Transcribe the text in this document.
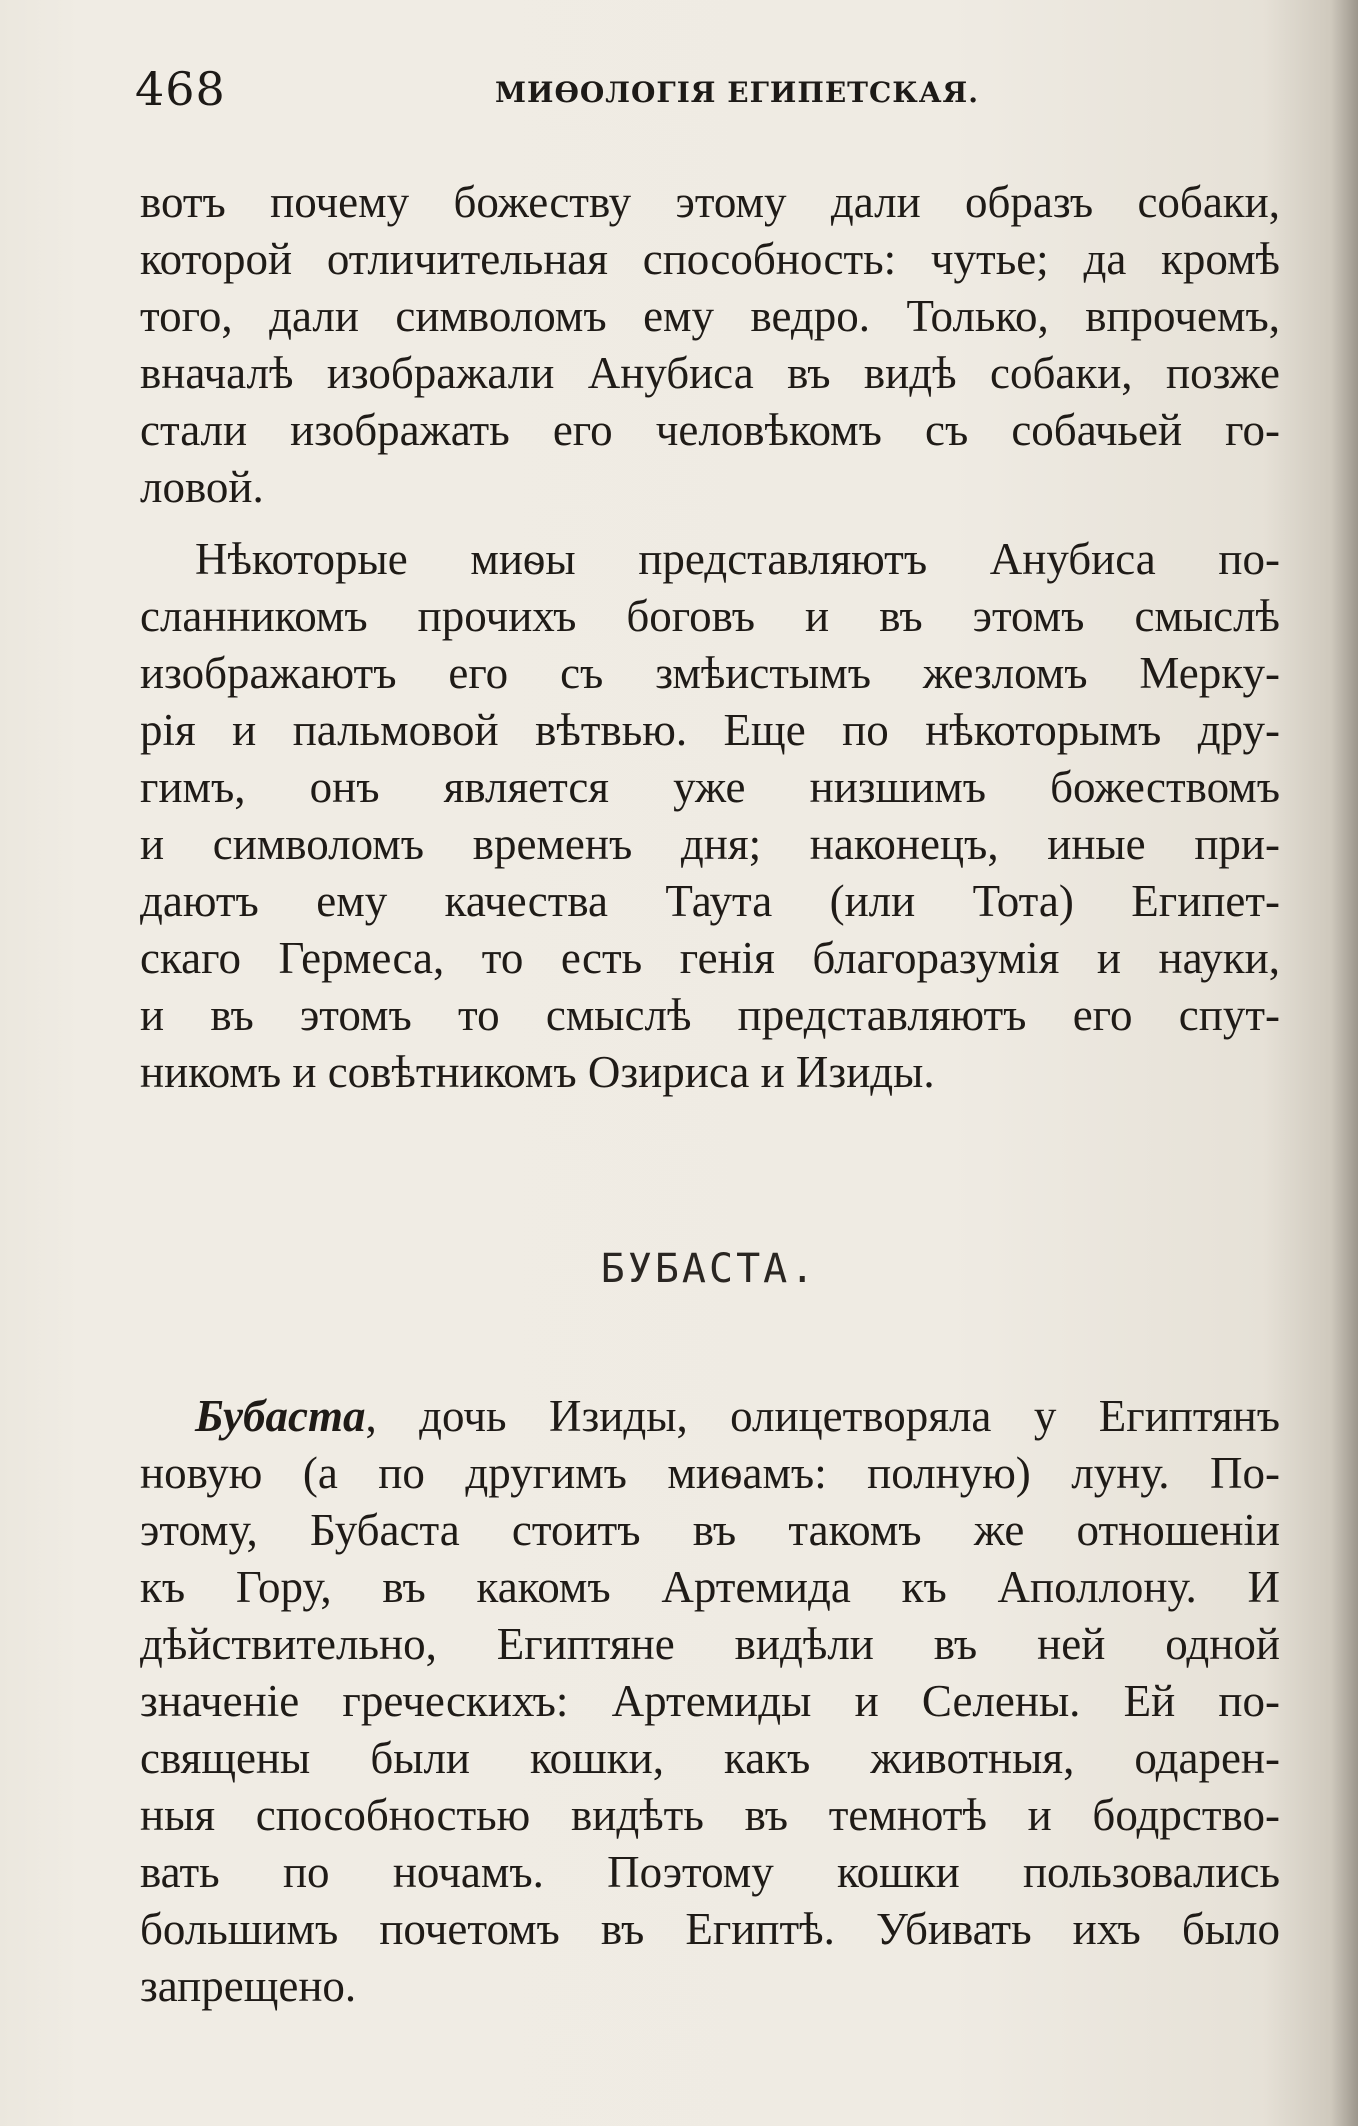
468	МИѲОЛОГІЯ ЕГИПЕТСКАЯ.
вотъ почему божеству этому дали образъ собаки,
которой отличительная способность: чутье; да кромѣ
того, дали символомъ ему ведро. Только, впрочемъ,
вначалѣ изображали Анубиса въ видѣ собаки, позже
стали изображать его человѣкомъ съ собачьей го-
ловой.
Нѣкоторые миѳы представляютъ Анубиса по-
сланникомъ прочихъ боговъ и въ этомъ смыслѣ
изображаютъ его съ змѣистымъ жезломъ Мерку-
рія и пальмовой вѣтвью. Еще по нѣкоторымъ дру-
гимъ, онъ является уже низшимъ божествомъ
и символомъ временъ дня; наконецъ, иные при-
даютъ ему качества Таута (или Тота) Египет-
скаго Гермеса, то есть генія благоразумія и науки,
и въ этомъ то смыслѣ представляютъ его спут-
никомъ и совѣтникомъ Озириса и Изиды.
БУБАСТА.
Бубаста, дочь Изиды, олицетворяла у Египтянъ
новую (а по другимъ миѳамъ: полную) луну. По-
этому, Бубаста стоитъ въ такомъ же отношеніи
къ Гору, въ какомъ Артемида къ Аполлону. И
дѣйствительно, Египтяне видѣли въ ней одной
значеніе греческихъ: Артемиды и Селены. Ей по-
священы были кошки, какъ животныя, одарен-
ныя способностью видѣть въ темнотѣ и бодрство-
вать по ночамъ. Поэтому кошки пользовались
большимъ почетомъ въ Египтѣ. Убивать ихъ было
запрещено.
